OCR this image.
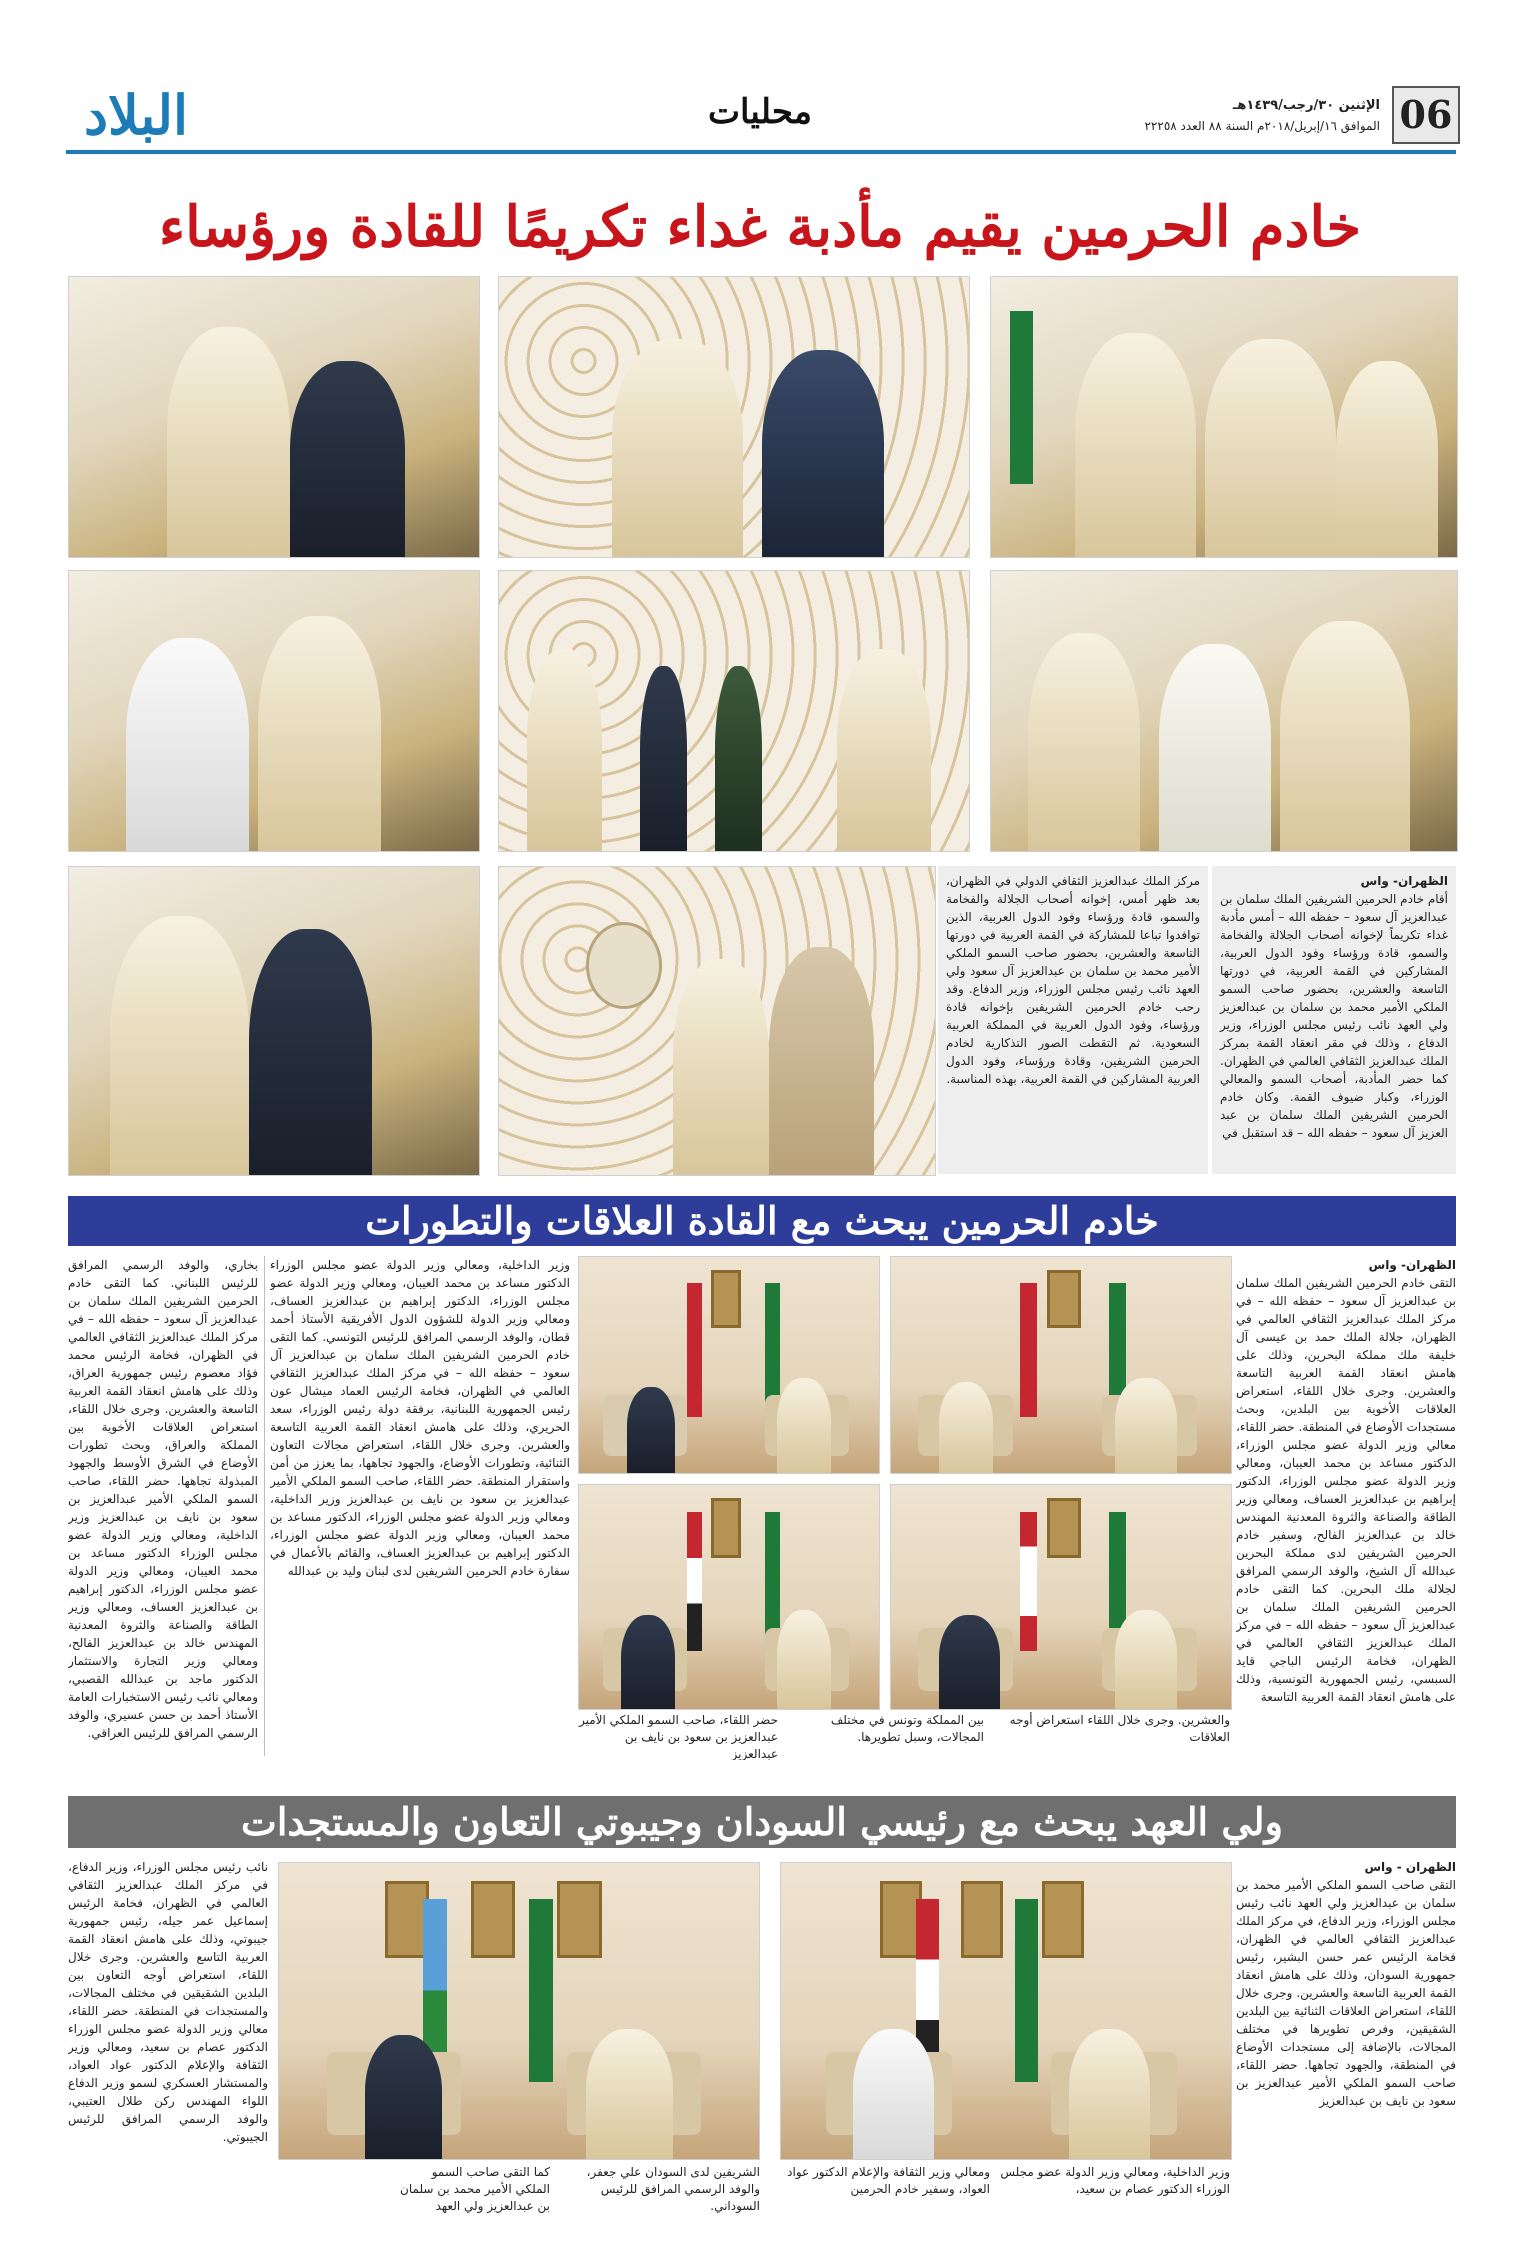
البلاد	محليات	الإثنين ٣٠/رجب/١٤٣٩هـ
الموافق ١٦/إبريل/٢٠١٨م السنة ٨٨ العدد ٢٢٢٥٨ 06
خادم الحرمين يقيم مأدبة غداء تكريمًا للقادة ورؤساء
مركز الملك عبدالعزيز الثقافي الدولي في الظهران، بعد ظهر أمس، إخوانه أصحاب الجلالة والفخامة والسمو، قادة ورؤساء وفود الدول العربية، الذين توافدوا تباعا للمشاركة في القمة العربية في دورتها التاسعة والعشرين، بحضور صاحب السمو الملكي الأمير محمد بن سلمان بن عبدالعزيز آل سعود ولي العهد نائب رئيس مجلس الوزراء، وزير الدفاع. وقد رحب خادم الحرمين الشريفين بإخوانه قادة ورؤساء، وفود الدول العربية في المملكة العربية السعودية. ثم التقطت الصور التذكارية لخادم الحرمين الشريفين، وقادة ورؤساء، وفود الدول العربية المشاركين في القمة العربية، بهذه المناسبة.
الظهران- واس
أقام خادم الحرمين الشريفين الملك سلمان بن عبدالعزيز آل سعود – حفظه الله – أمس مأدبة غداء تكريماً لإخوانه أصحاب الجلالة والفخامة والسمو، قادة ورؤساء وفود الدول العربية، المشاركين في القمة العربية، في دورتها التاسعة والعشرين، بحضور صاحب السمو الملكي الأمير محمد بن سلمان بن عبدالعزيز ولي العهد نائب رئيس مجلس الوزراء، وزير الدفاع ، وذلك في مقر انعقاد القمة بمركز الملك عبدالعزيز الثقافي العالمي في الظهران. كما حضر المأدبة، أصحاب السمو والمعالي الوزراء، وكبار ضيوف القمة. وكان خادم الحرمين الشريفين الملك سلمان بن عبد العزيز آل سعود – حفظه الله – قد استقبل في
خادم الحرمين يبحث مع القادة العلاقات والتطورات
بخاري، والوفد الرسمي المرافق للرئيس اللبناني. كما التقى خادم الحرمين الشريفين الملك سلمان بن عبدالعزيز آل سعود – حفظه الله – في مركز الملك عبدالعزيز الثقافي العالمي في الظهران، فخامة الرئيس محمد فؤاد معصوم رئيس جمهورية العراق، وذلك على هامش انعقاد القمة العربية التاسعة والعشرين. وجرى خلال اللقاء، استعراض العلاقات الأخوية بين المملكة والعراق، وبحث تطورات الأوضاع في الشرق الأوسط والجهود المبذولة تجاهها. حضر اللقاء، صاحب السمو الملكي الأمير عبدالعزيز بن سعود بن نايف بن عبدالعزيز وزير الداخلية، ومعالي وزير الدولة عضو مجلس الوزراء الدكتور مساعد بن محمد العيبان، ومعالي وزير الدولة عضو مجلس الوزراء، الدكتور إبراهيم بن عبدالعزيز العساف، ومعالي وزير الطاقة والصناعة والثروة المعدنية المهندس خالد بن عبدالعزيز الفالح، ومعالي وزير التجارة والاستثمار الدكتور ماجد بن عبدالله القصبي، ومعالي نائب رئيس الاستخبارات العامة الأستاذ أحمد بن حسن عسيري، والوفد الرسمي المرافق للرئيس العراقي.
وزير الداخلية، ومعالي وزير الدولة عضو مجلس الوزراء الدكتور مساعد بن محمد العيبان، ومعالي وزير الدولة عضو مجلس الوزراء، الدكتور إبراهيم بن عبدالعزيز العساف، ومعالي وزير الدولة للشؤون الدول الأفريقية الأستاذ أحمد قطان، والوفد الرسمي المرافق للرئيس التونسي. كما التقى خادم الحرمين الشريفين الملك سلمان بن عبدالعزيز آل سعود – حفظه الله – في مركز الملك عبدالعزيز الثقافي العالمي في الظهران، فخامة الرئيس العماد ميشال عون رئيس الجمهورية اللبنانية، برفقة دولة رئيس الوزراء، سعد الحريري، وذلك على هامش انعقاد القمة العربية التاسعة والعشرين. وجرى خلال اللقاء، استعراض مجالات التعاون الثنائية، وتطورات الأوضاع، والجهود تجاهها، بما يعزز من أمن واستقرار المنطقة. حضر اللقاء، صاحب السمو الملكي الأمير عبدالعزيز بن سعود بن نايف بن عبدالعزيز وزير الداخلية، ومعالي وزير الدولة عضو مجلس الوزراء، الدكتور مساعد بن محمد العيبان، ومعالي وزير الدولة عضو مجلس الوزراء، الدكتور إبراهيم بن عبدالعزيز العساف، والقائم بالأعمال في سفارة خادم الحرمين الشريفين لدى لبنان وليد بن عبدالله
حضر اللقاء، صاحب السمو الملكي الأمير عبدالعزيز بن سعود بن نايف بن عبدالعزيز
بين المملكة وتونس في مختلف المجالات، وسبل تطويرها.
والعشرين. وجرى خلال اللقاء استعراض أوجه العلاقات
الظهران- واس
التقى خادم الحرمين الشريفين الملك سلمان بن عبدالعزيز آل سعود – حفظه الله – في مركز الملك عبدالعزيز الثقافي العالمي في الظهران، جلالة الملك حمد بن عيسى آل خليفة ملك مملكة البحرين، وذلك على هامش انعقاد القمة العربية التاسعة والعشرين. وجرى خلال اللقاء، استعراض العلاقات الأخوية بين البلدين، وبحث مستجدات الأوضاع في المنطقة. حضر اللقاء، معالي وزير الدولة عضو مجلس الوزراء، الدكتور مساعد بن محمد العيبان، ومعالي وزير الدولة عضو مجلس الوزراء، الدكتور إبراهيم بن عبدالعزيز العساف، ومعالي وزير الطاقة والصناعة والثروة المعدنية المهندس خالد بن عبدالعزيز الفالح، وسفير خادم الحرمين الشريفين لدى مملكة البحرين عبدالله آل الشيخ، والوفد الرسمي المرافق لجلالة ملك البحرين. كما التقى خادم الحرمين الشريفين الملك سلمان بن عبدالعزيز آل سعود – حفظه الله – في مركز الملك عبدالعزيز الثقافي العالمي في الظهران، فخامة الرئيس الباجي قايد السبسي، رئيس الجمهورية التونسية، وذلك على هامش انعقاد القمة العربية التاسعة
ولي العهد يبحث مع رئيسي السودان وجيبوتي التعاون والمستجدات
نائب رئيس مجلس الوزراء، وزير الدفاع، في مركز الملك عبدالعزيز الثقافي العالمي في الظهران، فخامة الرئيس إسماعيل عمر جيله، رئيس جمهورية جيبوتي، وذلك على هامش انعقاد القمة العربية التاسع والعشرين. وجرى خلال اللقاء، استعراض أوجه التعاون بين البلدين الشقيقين في مختلف المجالات، والمستجدات في المنطقة. حضر اللقاء، معالي وزير الدولة عضو مجلس الوزراء الدكتور عصام بن سعيد، ومعالي وزير الثقافة والإعلام الدكتور عواد العواد، والمستشار العسكري لسمو وزير الدفاع اللواء المهندس ركن طلال العتيبي، والوفد الرسمي المرافق للرئيس الجيبوتي.
كما التقى صاحب السمو الملكي الأمير محمد بن سلمان بن عبدالعزيز ولي العهد
الشريفين لدى السودان علي جعفر، والوفد الرسمي المرافق للرئيس السوداني.
ومعالي وزير الثقافة والإعلام الدكتور عواد العواد، وسفير خادم الحرمين
وزير الداخلية، ومعالي وزير الدولة عضو مجلس الوزراء الدكتور عصام بن سعيد،
الظهران - واس
التقى صاحب السمو الملكي الأمير محمد بن سلمان بن عبدالعزيز ولي العهد نائب رئيس مجلس الوزراء، وزير الدفاع، في مركز الملك عبدالعزيز الثقافي العالمي في الظهران، فخامة الرئيس عمر حسن البشير، رئيس جمهورية السودان، وذلك على هامش انعقاد القمة العربية التاسعة والعشرين. وجرى خلال اللقاء، استعراض العلاقات الثنائية بين البلدين الشقيقين، وفرص تطويرها في مختلف المجالات، بالإضافة إلى مستجدات الأوضاع في المنطقة، والجهود تجاهها. حضر اللقاء، صاحب السمو الملكي الأمير عبدالعزيز بن سعود بن نايف بن عبدالعزيز
